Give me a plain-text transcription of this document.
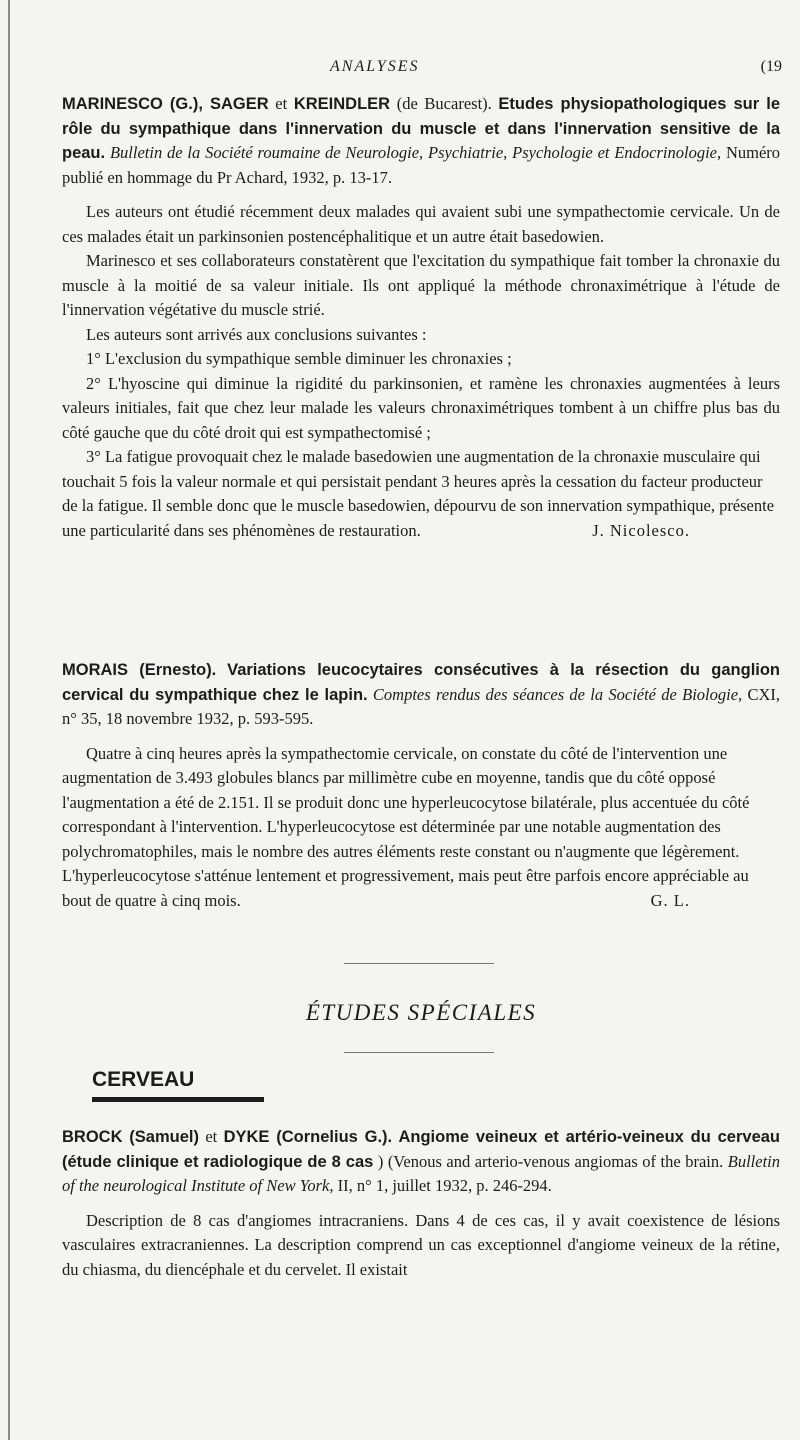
ANALYSES	(19
MARINESCO (G.), SAGER et KREINDLER (de Bucarest). Etudes physiopathologiques sur le rôle du sympathique dans l'innervation du muscle et dans l'innervation sensitive de la peau. Bulletin de la Société roumaine de Neurologie, Psychiatrie, Psychologie et Endocrinologie, Numéro publié en hommage du Pr Achard, 1932, p. 13-17.

Les auteurs ont étudié récemment deux malades qui avaient subi une sympathectomie cervicale. Un de ces malades était un parkinsonien postencéphalitique et un autre était basedowien.

Marinesco et ses collaborateurs constatèrent que l'excitation du sympathique fait tomber la chronaxie du muscle à la moitié de sa valeur initiale. Ils ont appliqué la méthode chronaximétrique à l'étude de l'innervation végétative du muscle strié.

Les auteurs sont arrivés aux conclusions suivantes :

1° L'exclusion du sympathique semble diminuer les chronaxies ;

2° L'hyoscine qui diminue la rigidité du parkinsonien, et ramène les chronaxies augmentées à leurs valeurs initiales, fait que chez leur malade les valeurs chronaximétriques tombent à un chiffre plus bas du côté gauche que du côté droit qui est sympathectomisé ;

3° La fatigue provoquait chez le malade basedowien une augmentation de la chronaxie musculaire qui touchait 5 fois la valeur normale et qui persistait pendant 3 heures après la cessation du facteur producteur de la fatigue. Il semble donc que le muscle basedowien, dépourvu de son innervation sympathique, présente une particularité dans ses phénomènes de restauration.	J. Nicolesco.

MORAIS (Ernesto). Variations leucocytaires consécutives à la résection du ganglion cervical du sympathique chez le lapin. Comptes rendus des séances de la Société de Biologie, CXI, n° 35, 18 novembre 1932, p. 593-595.

Quatre à cinq heures après la sympathectomie cervicale, on constate du côté de l'intervention une augmentation de 3.493 globules blancs par millimètre cube en moyenne, tandis que du côté opposé l'augmentation a été de 2.151. Il se produit donc une hyperleucocytose bilatérale, plus accentuée du côté correspondant à l'intervention. L'hyperleucocytose est déterminée par une notable augmentation des polychromatophiles, mais le nombre des autres éléments reste constant ou n'augmente que légèrement. L'hyperleucocytose s'atténue lentement et progressivement, mais peut être parfois encore appréciable au bout de quatre à cinq mois.	G. L.

ÉTUDES SPÉCIALES
CERVEAU
BROCK (Samuel) et DYKE (Cornelius G.). Angiome veineux et artério-veineux du cerveau (étude clinique et radiologique de 8 cas ) (Venous and arterio-venous angiomas of the brain. Bulletin of the neurological Institute of New York, II, n° 1, juillet 1932, p. 246-294.

Description de 8 cas d'angiomes intracraniens. Dans 4 de ces cas, il y avait coexistence de lésions vasculaires extracraniennes. La description comprend un cas exceptionnel d'angiome veineux de la rétine, du chiasma, du diencéphale et du cervelet. Il existait
